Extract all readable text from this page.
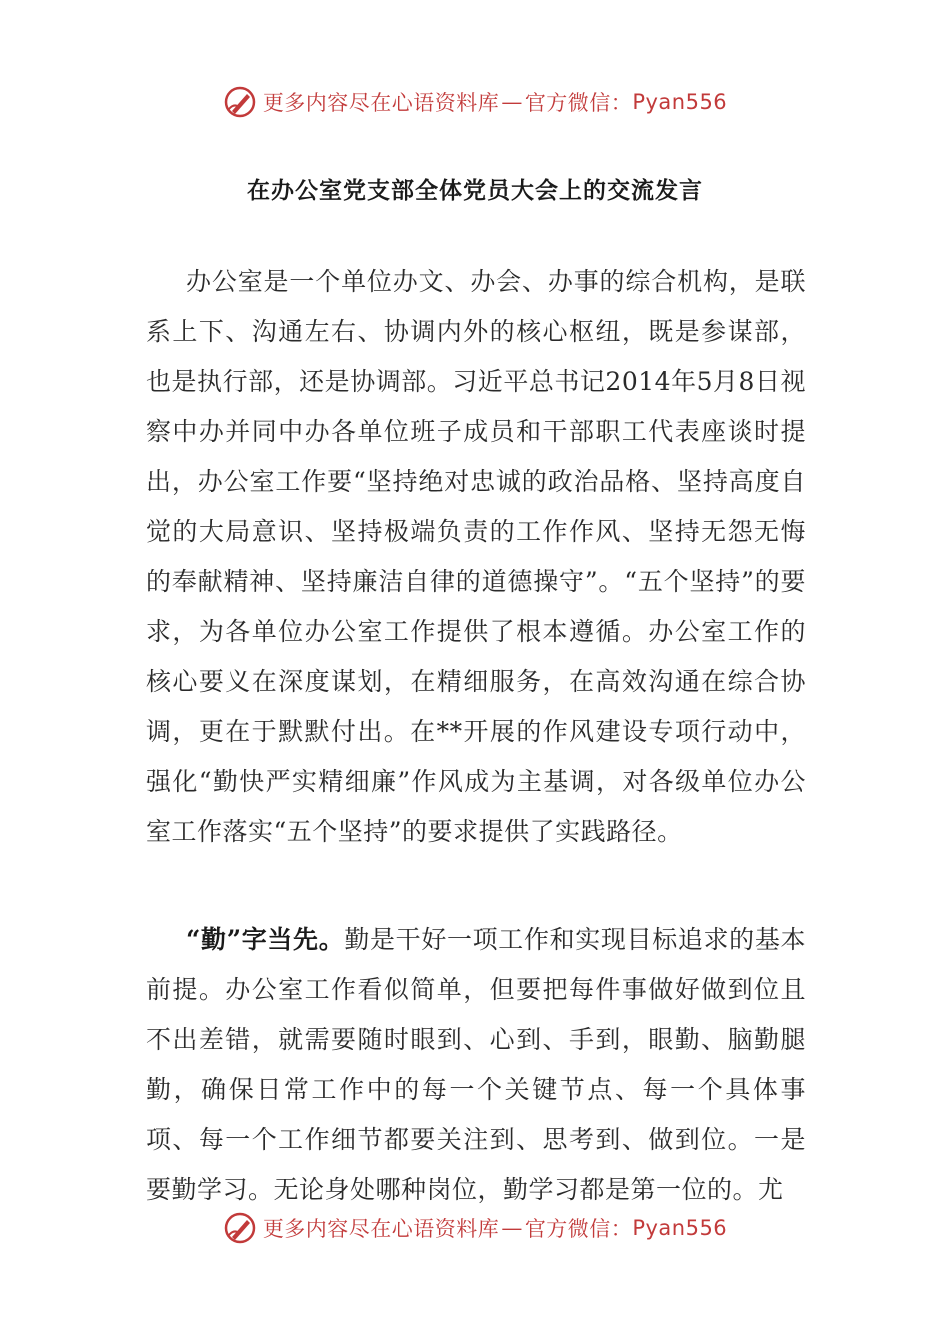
更多内容尽在心语资料库 — 官方微信： Pyan556
在办公室党支部全体党员大会上的交流发言

办公室是一个单位办文、办会、办事的综合机构，是联系上下、沟通左右、协调内外的核心枢纽，既是参谋部，也是执行部，还是协调部。习近平总书记2014年5月8日视察中办并同中办各单位班子成员和干部职工代表座谈时提出，办公室工作要“坚持绝对忠诚的政治品格、坚持高度自觉的大局意识、坚持极端负责的工作作风、坚持无怨无悔的奉献精神、坚持廉洁自律的道德操守”。“五个坚持”的要求，为各单位办公室工作提供了根本遵循。办公室工作的核心要义在深度谋划，在精细服务，在高效沟通在综合协调，更在于默默付出。在**开展的作风建设专项行动中，强化“勤快严实精细廉”作风成为主基调，对各级单位办公室工作落实“五个坚持”的要求提供了实践路径。

“勤”字当先。勤是干好一项工作和实现目标追求的基本前提。办公室工作看似简单，但要把每件事做好做到位且不出差错，就需要随时眼到、心到、手到，眼勤、脑勤腿勤，确保日常工作中的每一个关键节点、每一个具体事项、每一个工作细节都要关注到、思考到、做到位。一是要勤学习。无论身处哪种岗位，勤学习都是第一位的。尤

更多内容尽在心语资料库 — 官方微信： Pyan556
